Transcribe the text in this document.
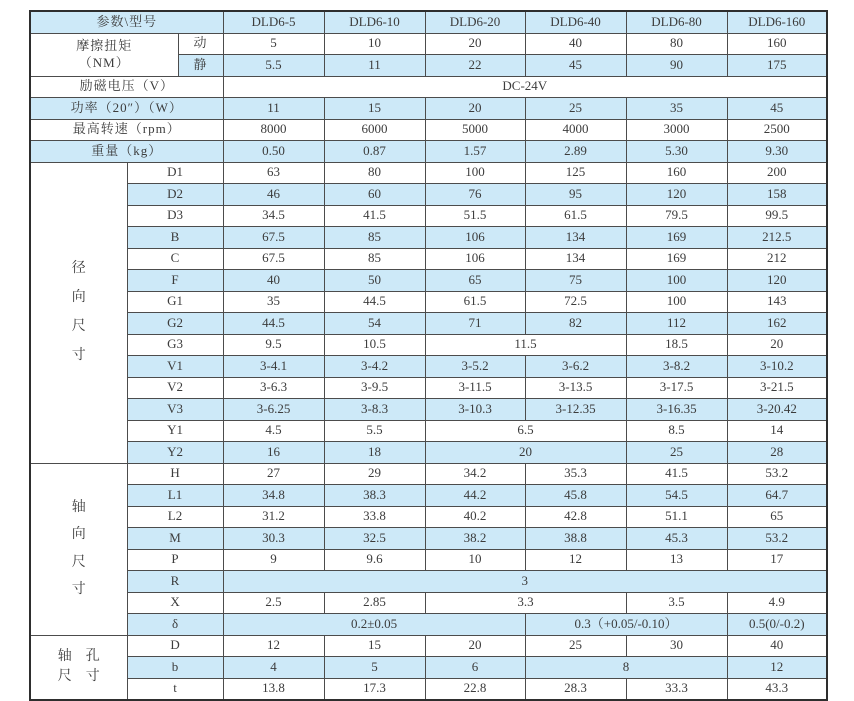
参数\型号			DLD6-5	DLD6-10	DLD6-20	DLD6-40	DLD6-80	DLD6-160

摩擦扭矩
（NM）		动	5	10	20	40	80	160
		静	5.5	11	22	45	90	175
励磁电压（V）			DC-24V					
功率（20″）（W）			11	15	20	25	35	45
最高转速（rpm）			8000	6000	5000	4000	3000	2500
重量（kg）			0.50	0.87	1.57	2.89	5.30	9.30

径
向
尺
寸	D1		63	80	100	125	160	200
	D2		46	60	76	95	120	158
	D3		34.5	41.5	51.5	61.5	79.5	99.5
	B		67.5	85	106	134	169	212.5
	C		67.5	85	106	134	169	212
	F		40	50	65	75	100	120
	G1		35	44.5	61.5	72.5	100	143
	G2		44.5	54	71	82	112	162
	G3		9.5	10.5	11.5		18.5	20
	V1		3-4.1	3-4.2	3-5.2	3-6.2	3-8.2	3-10.2
	V2		3-6.3	3-9.5	3-11.5	3-13.5	3-17.5	3-21.5
	V3		3-6.25	3-8.3	3-10.3	3-12.35	3-16.35	3-20.42
	Y1		4.5	5.5	6.5		8.5	14
	Y2		16	18	20		25	28

轴
向
尺
寸	H		27	29	34.2	35.3	41.5	53.2
	L1		34.8	38.3	44.2	45.8	54.5	64.7
	L2		31.2	33.8	40.2	42.8	51.1	65
	M		30.3	32.5	38.2	38.8	45.3	53.2
	P		9	9.6	10	12	13	17
	R		3					
	X		2.5	2.85	3.3		3.5	4.9
	δ		0.2±0.05			0.3（+0.05/-0.10）		0.5(0/-0.2)

轴　孔
尺　寸	D		12	15	20	25	30	40
	b		4	5	6	8		12
	t		13.8	17.3	22.8	28.3	33.3	43.3
